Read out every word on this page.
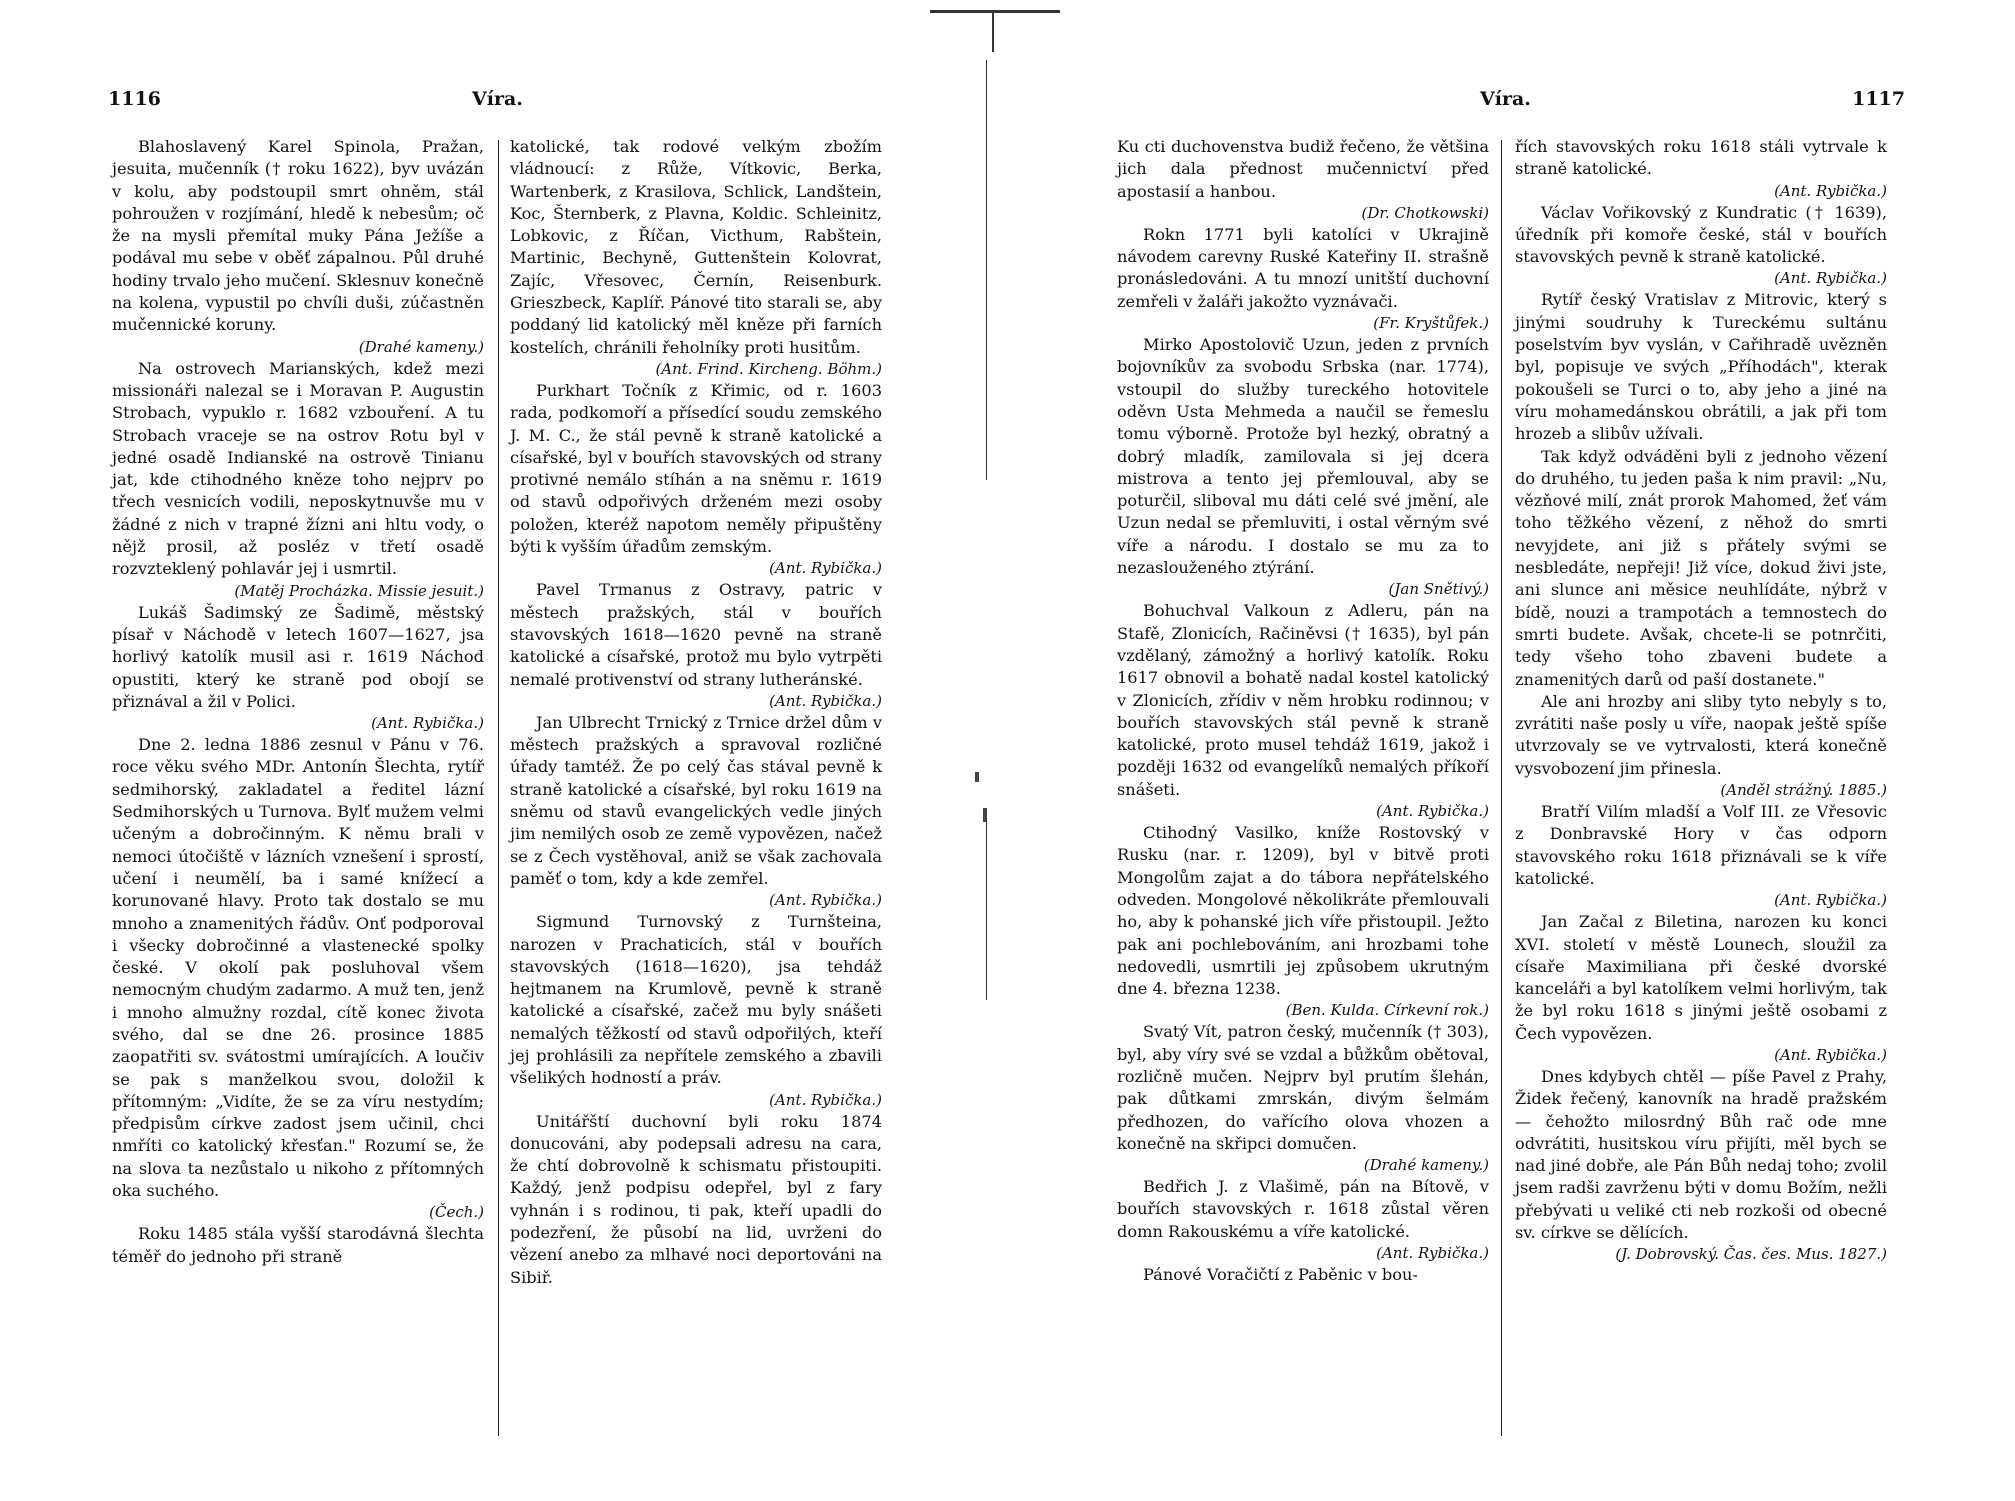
1116	Víra.

Blahoslavený Karel Spinola, Pražan, jesuita, mučenník († roku 1622), byv uvázán v kolu, aby podstoupil smrt ohněm, stál pohroužen v rozjímání, hledě k nebesům; oč že na mysli přemítal muky Pána Ježíše a podával mu sebe v oběť zápalnou. Půl druhé hodiny trvalo jeho mučení. Sklesnuv konečně na kolena, vypustil po chvíli duši, zúčastněn mučennické koruny.
(Drahé kameny.)

Na ostrovech Marianských, kdež mezi missionáři nalezal se i Moravan P. Augustin Strobach, vypuklo r. 1682 vzbouření. A tu Strobach vraceje se na ostrov Rotu byl v jedné osadě Indianské na ostrově Tinianu jat, kde ctihodného kněze toho nejprv po třech vesnicích vodili, neposkytnuvše mu v žádné z nich v trapné žízni ani hltu vody, o nějž prosil, až posléz v třetí osadě rozvzteklený pohlavár jej i usmrtil.
(Matěj Procházka. Missie jesuit.)

Lukáš Šadimský ze Šadimě, městský písař v Náchodě v letech 1607—1627, jsa horlivý katolík musil asi r. 1619 Náchod opustiti, který ke straně pod obojí se přiznával a žil v Polici.
(Ant. Rybička.)

Dne 2. ledna 1886 zesnul v Pánu v 76. roce věku svého MDr. Antonín Šlechta, rytíř sedmihorský, zakladatel a ředitel lázní Sedmihorských u Turnova. Bylť mužem velmi učeným a dobročinným. K němu brali v nemoci útočiště v lázních vznešení i sprostí, učení i neumělí, ba i samé knížecí a korunované hlavy. Proto tak dostalo se mu mnoho a znamenitých řádův. Onť podporoval i všecky dobročinné a vlastenecké spolky české. V okolí pak posluhoval všem nemocným chudým zadarmo. A muž ten, jenž i mnoho almužny rozdal, cítě konec života svého, dal se dne 26. prosince 1885 zaopatřiti sv. svátostmi umírajících. A loučiv se pak s manželkou svou, doložil k přítomným: „Vidíte, že se za víru nestydím; předpisům církve zadost jsem učinil, chci nmříti co katolický křesťan." Rozumí se, že na slova ta nezůstalo u nikoho z přítomných oka suchého.
(Čech.)

Roku 1485 stála vyšší starodávná šlechta téměř do jednoho při straně

katolické, tak rodové velkým zbožím vládnoucí: z Růže, Vítkovic, Berka, Wartenberk, z Krasilova, Schlick, Landštein, Koc, Šternberk, z Plavna, Koldic. Schleinitz, Lobkovic, z Říčan, Victhum, Rabštein, Martinic, Bechyně, Guttenštein Kolovrat, Zajíc, Vřesovec, Černín, Reisenburk. Grieszbeck, Kaplíř. Pánové tito starali se, aby poddaný lid katolický měl kněze při farních kostelích, chránili řeholníky proti husitům.
(Ant. Frind. Kircheng. Böhm.)

Purkhart Točník z Křimic, od r. 1603 rada, podkomoří a přísedící soudu zemského J. M. C., že stál pevně k straně katolické a císařské, byl v bouřích stavovských od strany protivné nemálo stíhán a na sněmu r. 1619 od stavů odpořivých drženém mezi osoby položen, kteréž napotom neměly připuštěny býti k vyšším úřadům zemským.
(Ant. Rybička.)

Pavel Trmanus z Ostravy, patric v městech pražských, stál v bouřích stavovských 1618—1620 pevně na straně katolické a císařské, protož mu bylo vytrpěti nemalé protivenství od strany lutheránské.
(Ant. Rybička.)

Jan Ulbrecht Trnický z Trnice držel dům v městech pražských a spravoval rozličné úřady tamtéž. Že po celý čas stával pevně k straně katolické a císařské, byl roku 1619 na sněmu od stavů evangelických vedle jiných jim nemilých osob ze země vypovězen, načež se z Čech vystěhoval, aniž se však zachovala paměť o tom, kdy a kde zemřel.
(Ant. Rybička.)

Sigmund Turnovský z Turnšteina, narozen v Prachaticích, stál v bouřích stavovských (1618—1620), jsa tehdáž hejtmanem na Krumlově, pevně k straně katolické a císařské, začež mu byly snášeti nemalých těžkostí od stavů odpořilých, kteří jej prohlásili za nepřítele zemského a zbavili všelikých hodností a práv.
(Ant. Rybička.)

Unitářští duchovní byli roku 1874 donucováni, aby podepsali adresu na cara, že chtí dobrovolně k schismatu přistoupiti. Každý, jenž podpisu odepřel, byl z fary vyhnán i s rodinou, ti pak, kteří upadli do podezření, že působí na lid, uvrženi do vězení anebo za mlhavé noci deportováni na Sibiř.

Víra.	1117

Ku cti duchovenstva budiž řečeno, že většina jich dala přednost mučennictví před apostasií a hanbou.
(Dr. Chotkowski)

Rokn 1771 byli katolíci v Ukrajině návodem carevny Ruské Kateřiny II. strašně pronásledováni. A tu mnozí unitští duchovní zemřeli v žaláři jakožto vyznávači.
(Fr. Kryštůfek.)

Mirko Apostolovič Uzun, jeden z prvních bojovníkův za svobodu Srbska (nar. 1774), vstoupil do služby tureckého hotovitele oděvn Usta Mehmeda a naučil se řemeslu tomu výborně. Protože byl hezký, obratný a dobrý mladík, zamilovala si jej dcera mistrova a tento jej přemlouval, aby se poturčil, sliboval mu dáti celé své jmění, ale Uzun nedal se přemluviti, i ostal věrným své víře a národu. I dostalo se mu za to nezaslouženého ztýrání.
(Jan Snětivý.)

Bohuchval Valkoun z Adleru, pán na Stafě, Zlonicích, Račiněvsi († 1635), byl pán vzdělaný, zámožný a horlivý katolík. Roku 1617 obnovil a bohatě nadal kostel katolický v Zlonicích, zřídiv v něm hrobku rodinnou; v bouřích stavovských stál pevně k straně katolické, proto musel tehdáž 1619, jakož i později 1632 od evangelíků nemalých příkoří snášeti.
(Ant. Rybička.)

Ctihodný Vasilko, kníže Rostovský v Rusku (nar. r. 1209), byl v bitvě proti Mongolům zajat a do tábora nepřátelského odveden. Mongolové několikráte přemlouvali ho, aby k pohanské jich víře přistoupil. Ježto pak ani pochlebováním, ani hrozbami tohe nedovedli, usmrtili jej způsobem ukrutným dne 4. března 1238.
(Ben. Kulda. Církevní rok.)

Svatý Vít, patron český, mučenník († 303), byl, aby víry své se vzdal a bůžkům obětoval, rozličně mučen. Nejprv byl prutím šlehán, pak důtkami zmrskán, divým šelmám předhozen, do vařícího olova vhozen a konečně na skřipci domučen.
(Drahé kameny.)

Bedřich J. z Vlašimě, pán na Bítově, v bouřích stavovských r. 1618 zůstal věren domn Rakouskému a víře katolické.
(Ant. Rybička.)

Pánové Voračičtí z Paběnic v bou-

řích stavovských roku 1618 stáli vytrvale k straně katolické.
(Ant. Rybička.)

Václav Vořikovský z Kundratic († 1639), úředník při komoře české, stál v bouřích stavovských pevně k straně katolické.
(Ant. Rybička.)

Rytíř český Vratislav z Mitrovic, který s jinými soudruhy k Tureckému sultánu poselstvím byv vyslán, v Cařihradě uvězněn byl, popisuje ve svých „Příhodách", kterak pokoušeli se Turci o to, aby jeho a jiné na víru mohamedánskou obrátili, a jak při tom hrozeb a slibův užívali.

Tak když odváděni byli z jednoho vězení do druhého, tu jeden paša k nim pravil: „Nu, vězňové milí, znát prorok Mahomed, žeť vám toho těžkého vězení, z něhož do smrti nevyjdete, ani již s přátely svými se nesbledáte, nepřeji! Již více, dokud živi jste, ani slunce ani měsice neuhlídáte, nýbrž v bídě, nouzi a trampotách a temnostech do smrti budete. Avšak, chcete-li se potnrčiti, tedy všeho toho zbaveni budete a znamenitých darů od paší dostanete."

Ale ani hrozby ani sliby tyto nebyly s to, zvrátiti naše posly u víře, naopak ještě spíše utvrzovaly se ve vytrvalosti, která konečně vysvobození jim přinesla.
(Anděl strážný. 1885.)

Bratří Vilím mladší a Volf III. ze Vřesovic z Donbravské Hory v čas odporn stavovského roku 1618 přiznávali se k víře katolické.
(Ant. Rybička.)

Jan Začal z Biletina, narozen ku konci XVI. století v městě Lounech, sloužil za císaře Maximiliana při české dvorské kanceláři a byl katolíkem velmi horlivým, tak že byl roku 1618 s jinými ještě osobami z Čech vypovězen.
(Ant. Rybička.)

Dnes kdybych chtěl — píše Pavel z Prahy, Židek řečený, kanovník na hradě pražském — čehožto milosrdný Bůh rač ode mne odvrátiti, husitskou víru přijíti, měl bych se nad jiné dobře, ale Pán Bůh nedaj toho; zvolil jsem radši zavrženu býti v domu Božím, nežli přebývati u veliké cti neb rozkoši od obecné sv. církve se dělících.
(J. Dobrovský. Čas. čes. Mus. 1827.)
